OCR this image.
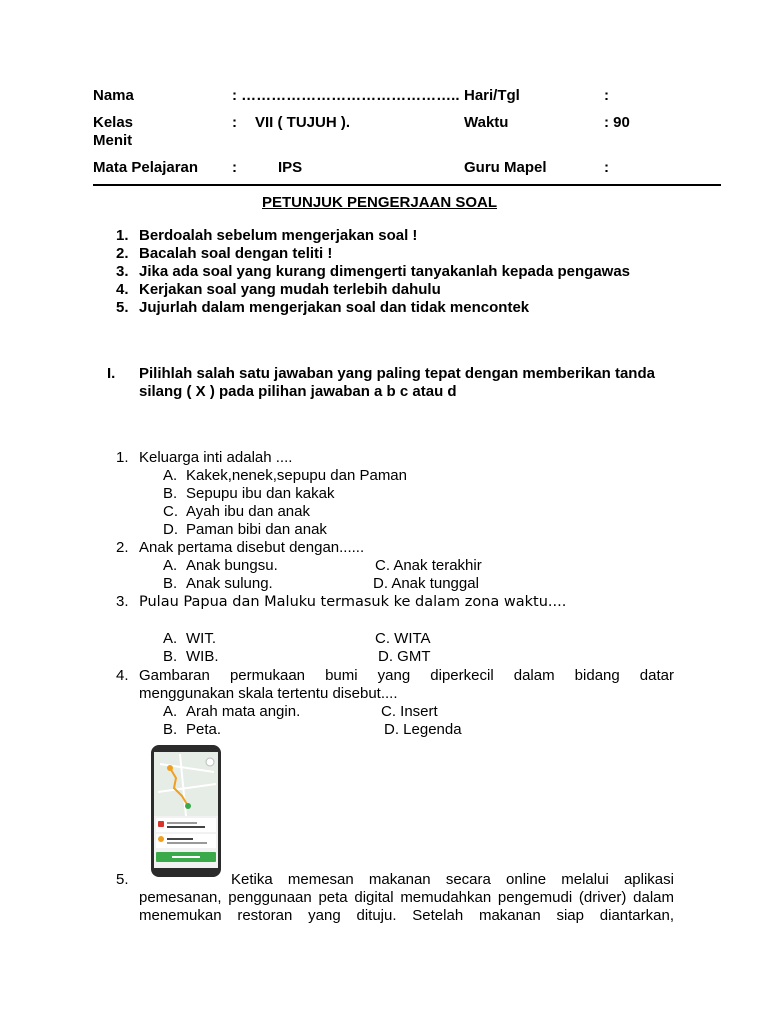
Nama	: …………………………………….. Hari/Tgl	:
Kelas	: VII ( TUJUH ).	Waktu	: 90
Menit
Mata Pelajaran :	IPS	Guru Mapel	:
PETUNJUK PENGERJAAN SOAL
1. Berdoalah sebelum mengerjakan soal !
2. Bacalah soal dengan teliti !
3. Jika ada soal yang kurang dimengerti tanyakanlah kepada pengawas
4. Kerjakan soal yang mudah terlebih dahulu
5. Jujurlah dalam mengerjakan soal dan tidak mencontek
I. Pilihlah salah satu jawaban yang paling tepat dengan memberikan tanda
silang ( X ) pada pilihan jawaban a b c atau d
1. Keluarga inti adalah ....
A. Kakek,nenek,sepupu dan Paman
B. Sepupu ibu dan kakak
C. Ayah ibu dan anak
D. Paman bibi dan anak
2. Anak pertama disebut dengan......
A. Anak bungsu.	C. Anak terakhir
B. Anak sulung.	D. Anak tunggal
3. Pulau Papua dan Maluku termasuk ke dalam zona waktu....
A. WIT.	C. WITA
B. WIB.	D. GMT
4. Gambaran permukaan bumi yang diperkecil dalam bidang datar
menggunakan skala tertentu disebut....
A. Arah mata angin.	C. Insert
B. Peta.	D. Legenda
5.	Ketika memesan makanan secara online melalui aplikasi
pemesanan, penggunaan peta digital memudahkan pengemudi (driver) dalam
menemukan restoran yang dituju. Setelah makanan siap diantarkan,
